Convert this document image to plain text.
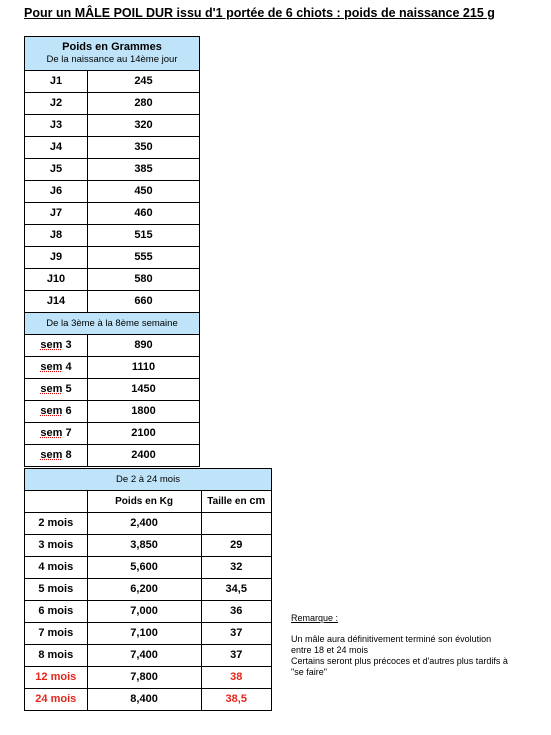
Pour un MÂLE POIL DUR issu d'1 portée de 6 chiots : poids de naissance 215 g
Poids en Grammes
De la naissance au 14ème jour	
J1	245
J2	280
J3	320
J4	350
J5	385
J6	450
J7	460
J8	515
J9	555
J10	580
J14	660
De la 3ème à la 8ème semaine	
sem 3	890
sem 4	1110
sem 5	1450
sem 6	1800
sem 7	2100
sem 8	2400
De 2 à 24 mois		
	Poids en Kg	Taille en cm
2 mois	2,400	
3 mois	3,850	29
4 mois	5,600	32
5 mois	6,200	34,5
6 mois	7,000	36
7 mois	7,100	37
8 mois	7,400	37
12 mois	7,800	38
24 mois	8,400	38,5
Remarque :
Un mâle aura définitivement terminé son évolution
entre 18 et 24 mois
Certains seront plus précoces et d'autres plus tardifs à
"se faire"
